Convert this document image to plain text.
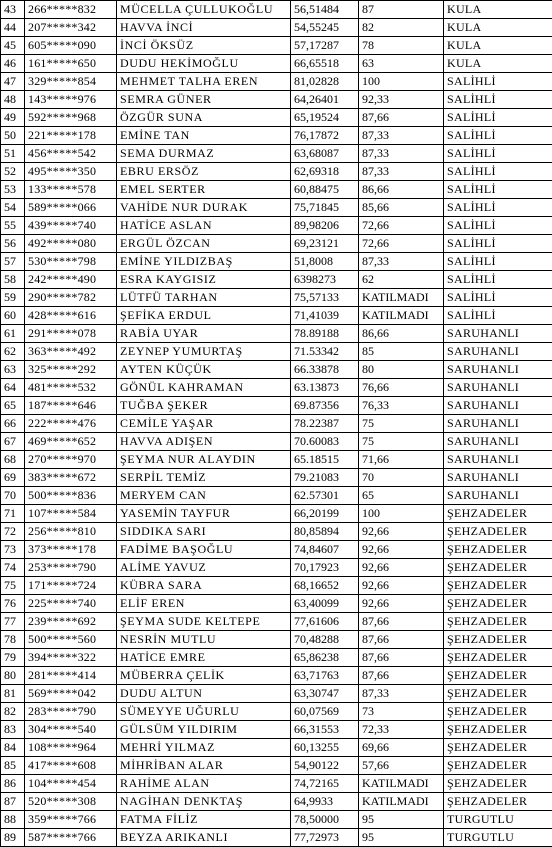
43	266*****832	MÜCELLA ÇULLUKOĞLU	56,51484	87	KULA
44	207*****342	HAVVA İNCİ	54,55245	82	KULA
45	605*****090	İNCİ ÖKSÜZ	57,17287	78	KULA
46	161*****650	DUDU HEKİMOĞLU	66,65518	63	KULA
47	329*****854	MEHMET TALHA EREN	81,02828	100	SALİHLİ
48	143*****976	SEMRA GÜNER	64,26401	92,33	SALİHLİ
49	592*****968	ÖZGÜR SUNA	65,19524	87,66	SALİHLİ
50	221*****178	EMİNE TAN	76,17872	87,33	SALİHLİ
51	456*****542	SEMA DURMAZ	63,68087	87,33	SALİHLİ
52	495*****350	EBRU ERSÖZ	62,69318	87,33	SALİHLİ
53	133*****578	EMEL SERTER	60,88475	86,66	SALİHLİ
54	589*****066	VAHİDE NUR DURAK	75,71845	85,66	SALİHLİ
55	439*****740	HATİCE ASLAN	89,98206	72,66	SALİHLİ
56	492*****080	ERGÜL ÖZCAN	69,23121	72,66	SALİHLİ
57	530*****798	EMİNE YILDIZBAŞ	51,8008	87,33	SALİHLİ
58	242*****490	ESRA KAYGISIZ	6398273	62	SALİHLİ
59	290*****782	LÜTFÜ TARHAN	75,57133	KATILMADI	SALİHLİ
60	428*****616	ŞEFİKA ERDUL	71,41039	KATILMADI	SALİHLİ
61	291*****078	RABİA UYAR	78.89188	86,66	SARUHANLI
62	363*****492	ZEYNEP YUMURTAŞ	71.53342	85	SARUHANLI
63	325*****292	AYTEN KÜÇÜK	66.33878	80	SARUHANLI
64	481*****532	GÖNÜL KAHRAMAN	63.13873	76,66	SARUHANLI
65	187*****646	TUĞBA ŞEKER	69.87356	76,33	SARUHANLI
66	222*****476	CEMİLE YAŞAR	78.22387	75	SARUHANLI
67	469*****652	HAVVA ADIŞEN	70.60083	75	SARUHANLI
68	270*****970	ŞEYMA NUR ALAYDIN	65.18515	71,66	SARUHANLI
69	383*****672	SERPİL TEMİZ	79.21083	70	SARUHANLI
70	500*****836	MERYEM CAN	62.57301	65	SARUHANLI
71	107*****584	YASEMİN TAYFUR	66,20199	100	ŞEHZADELER
72	256*****810	SIDDIKA SARI	80,85894	92,66	ŞEHZADELER
73	373*****178	FADİME BAŞOĞLU	74,84607	92,66	ŞEHZADELER
74	253*****790	ALİME YAVUZ	70,17923	92,66	ŞEHZADELER
75	171*****724	KÜBRA SARA	68,16652	92,66	ŞEHZADELER
76	225*****740	ELİF EREN	63,40099	92,66	ŞEHZADELER
77	239*****692	ŞEYMA SUDE KELTEPE	77,61606	87,66	ŞEHZADELER
78	500*****560	NESRİN MUTLU	70,48288	87,66	ŞEHZADELER
79	394*****322	HATİCE EMRE	65,86238	87,66	ŞEHZADELER
80	281*****414	MÜBERRA ÇELİK	63,71763	87,66	ŞEHZADELER
81	569*****042	DUDU ALTUN	63,30747	87,33	ŞEHZADELER
82	283*****790	SÜMEYYE UĞURLU	60,07569	73	ŞEHZADELER
83	304*****540	GÜLSÜM YILDIRIM	66,31553	72,33	ŞEHZADELER
84	108*****964	MEHRİ YILMAZ	60,13255	69,66	ŞEHZADELER
85	417*****608	MİHRİBAN ALAR	54,90122	57,66	ŞEHZADELER
86	104*****454	RAHİME ALAN	74,72165	KATILMADI	ŞEHZADELER
87	520*****308	NAGİHAN DENKTAŞ	64,9933	KATILMADI	ŞEHZADELER
88	359*****766	FATMA FİLİZ	78,50000	95	TURGUTLU
89	587*****766	BEYZA ARIKANLI	77,72973	95	TURGUTLU
